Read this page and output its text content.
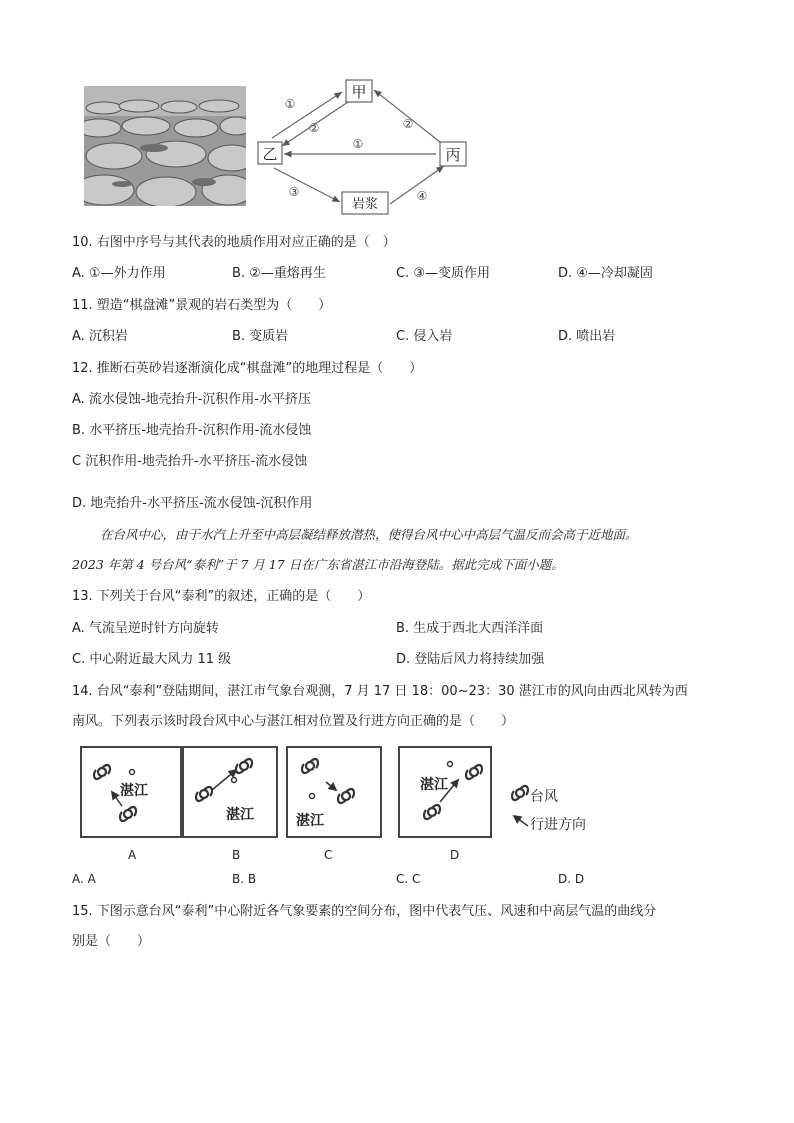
甲
乙	丙
岩浆
①
②	②
①
③	④
10. 右图中序号与其代表的地质作用对应正确的是（　）
A. ①—外力作用	B. ②—重熔再生	C. ③—变质作用	D. ④—冷却凝固
11. 塑造“棋盘滩”景观的岩石类型为（　　）
A. 沉积岩	B. 变质岩	C. 侵入岩	D. 喷出岩
12. 推断石英砂岩逐渐演化成“棋盘滩”的地理过程是（　　）
A. 流水侵蚀-地壳抬升-沉积作用-水平挤压
B. 水平挤压-地壳抬升-沉积作用-流水侵蚀
C 沉积作用-地壳抬升-水平挤压-流水侵蚀
D. 地壳抬升-水平挤压-流水侵蚀-沉积作用
在台风中心，由于水汽上升至中高层凝结释放潜热，使得台风中心中高层气温反而会高于近地面。
2023 年第 4 号台风“泰利”于 7 月 17 日在广东省湛江市沿海登陆。据此完成下面小题。
13. 下列关于台风“泰利”的叙述，正确的是（　　）
A. 气流呈逆时针方向旋转	B. 生成于西北大西洋洋面
C. 中心附近最大风力 11 级	D. 登陆后风力将持续加强
14. 台风“泰利”登陆期间，湛江市气象台观测，7 月 17 日 18：00~23：30 湛江市的风向由西北风转为西
南风。下列表示该时段台风中心与湛江相对位置及行进方向正确的是（　　）
湛江
湛江	湛江
湛江
台风
行进方向
A	B	C	D
A. A	B. B	C. C	D. D
15. 下图示意台风“泰利”中心附近各气象要素的空间分布，图中代表气压、风速和中高层气温的曲线分
别是（　　）
